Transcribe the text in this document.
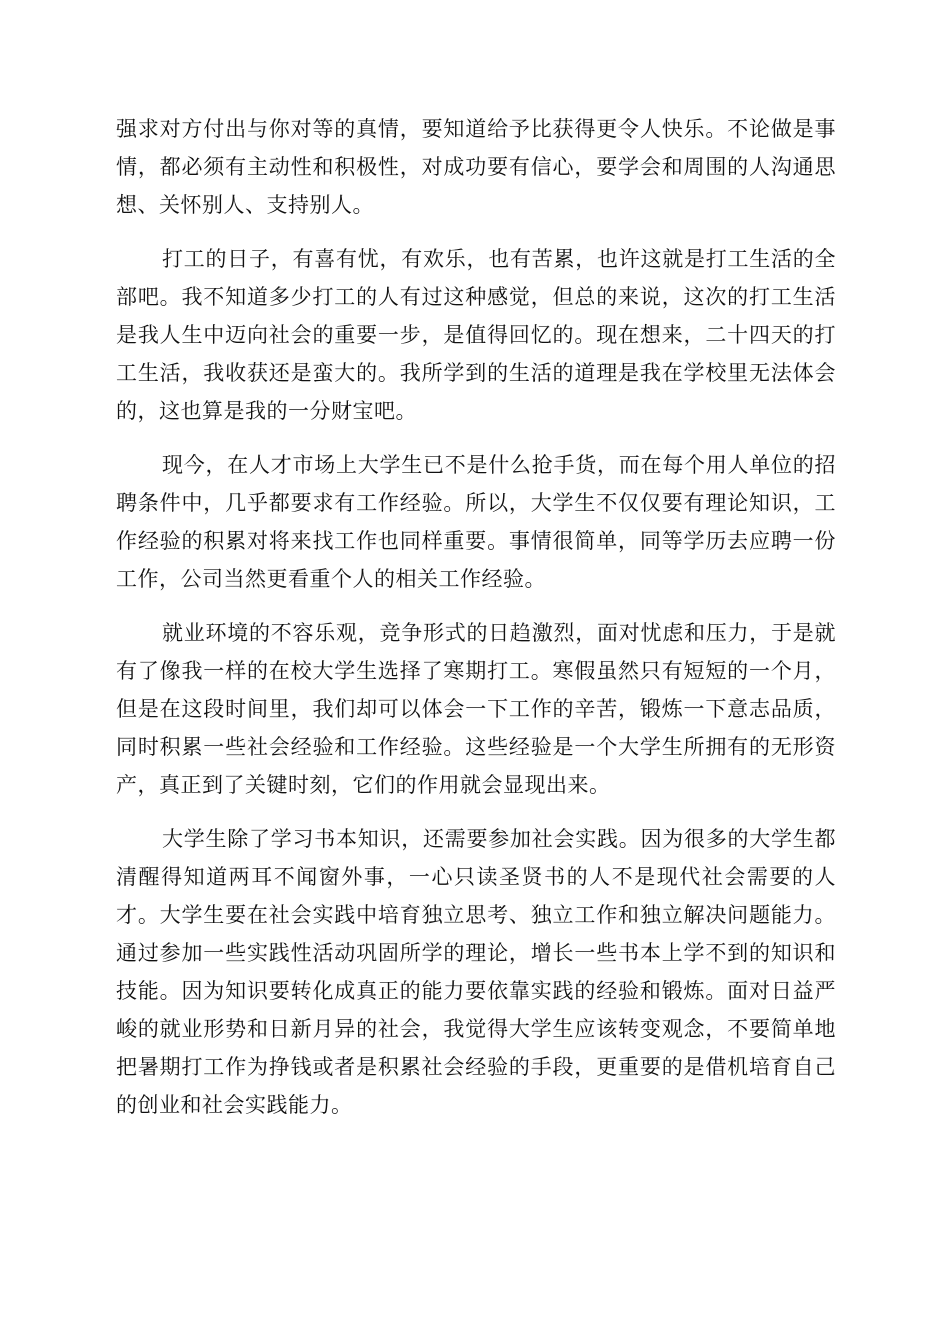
强求对方付出与你对等的真情，要知道给予比获得更令人快乐。不论做是事情，都必须有主动性和积极性，对成功要有信心，要学会和周围的人沟通思想、关怀别人、支持别人。

打工的日子，有喜有忧，有欢乐，也有苦累，也许这就是打工生活的全部吧。我不知道多少打工的人有过这种感觉，但总的来说，这次的打工生活是我人生中迈向社会的重要一步，是值得回忆的。现在想来，二十四天的打工生活，我收获还是蛮大的。我所学到的生活的道理是我在学校里无法体会的，这也算是我的一分财宝吧。

现今，在人才市场上大学生已不是什么抢手货，而在每个用人单位的招聘条件中，几乎都要求有工作经验。所以，大学生不仅仅要有理论知识，工作经验的积累对将来找工作也同样重要。事情很简单，同等学历去应聘一份工作，公司当然更看重个人的相关工作经验。

就业环境的不容乐观，竞争形式的日趋激烈，面对忧虑和压力，于是就有了像我一样的在校大学生选择了寒期打工。寒假虽然只有短短的一个月，但是在这段时间里，我们却可以体会一下工作的辛苦，锻炼一下意志品质，同时积累一些社会经验和工作经验。这些经验是一个大学生所拥有的无形资产，真正到了关键时刻，它们的作用就会显现出来。

大学生除了学习书本知识，还需要参加社会实践。因为很多的大学生都清醒得知道两耳不闻窗外事，一心只读圣贤书的人不是现代社会需要的人才。大学生要在社会实践中培育独立思考、独立工作和独立解决问题能力。通过参加一些实践性活动巩固所学的理论，增长一些书本上学不到的知识和技能。因为知识要转化成真正的能力要依靠实践的经验和锻炼。面对日益严峻的就业形势和日新月异的社会，我觉得大学生应该转变观念，不要简单地把暑期打工作为挣钱或者是积累社会经验的手段，更重要的是借机培育自己的创业和社会实践能力。
